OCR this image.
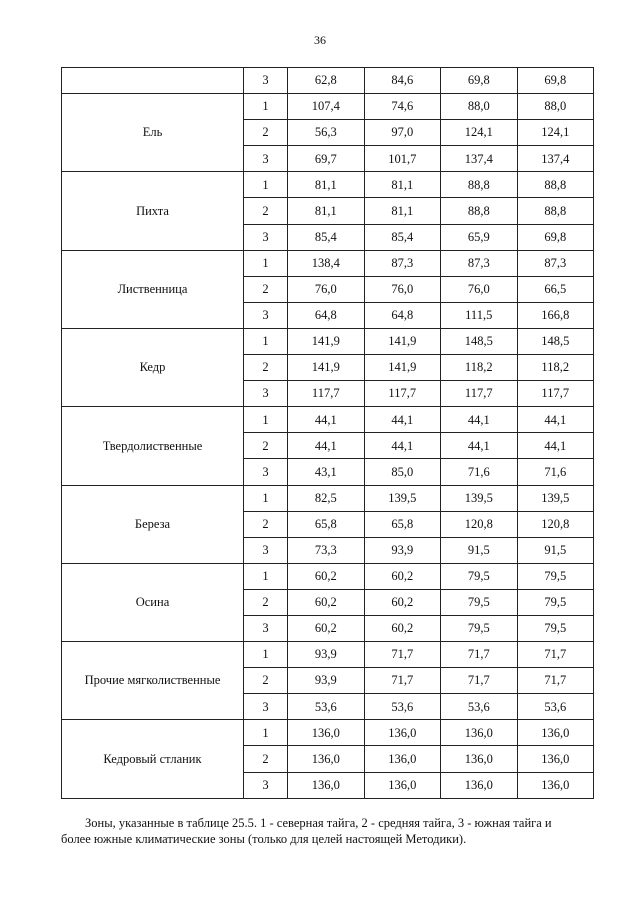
36
	3	62,8	84,6	69,8	69,8
Ель	1	107,4	74,6	88,0	88,0
	2	56,3	97,0	124,1	124,1
	3	69,7	101,7	137,4	137,4
Пихта	1	81,1	81,1	88,8	88,8
	2	81,1	81,1	88,8	88,8
	3	85,4	85,4	65,9	69,8
Лиственница	1	138,4	87,3	87,3	87,3
	2	76,0	76,0	76,0	66,5
	3	64,8	64,8	111,5	166,8
Кедр	1	141,9	141,9	148,5	148,5
	2	141,9	141,9	118,2	118,2
	3	117,7	117,7	117,7	117,7
Твердолиственные	1	44,1	44,1	44,1	44,1
	2	44,1	44,1	44,1	44,1
	3	43,1	85,0	71,6	71,6
Береза	1	82,5	139,5	139,5	139,5
	2	65,8	65,8	120,8	120,8
	3	73,3	93,9	91,5	91,5
Осина	1	60,2	60,2	79,5	79,5
	2	60,2	60,2	79,5	79,5
	3	60,2	60,2	79,5	79,5
Прочие мягколиственные	1	93,9	71,7	71,7	71,7
	2	93,9	71,7	71,7	71,7
	3	53,6	53,6	53,6	53,6
Кедровый стланик	1	136,0	136,0	136,0	136,0
	2	136,0	136,0	136,0	136,0
	3	136,0	136,0	136,0	136,0
Зоны, указанные в таблице 25.5. 1 - северная тайга, 2 - средняя тайга, 3 - южная тайга и

более южные климатические зоны (только для целей настоящей Методики).
